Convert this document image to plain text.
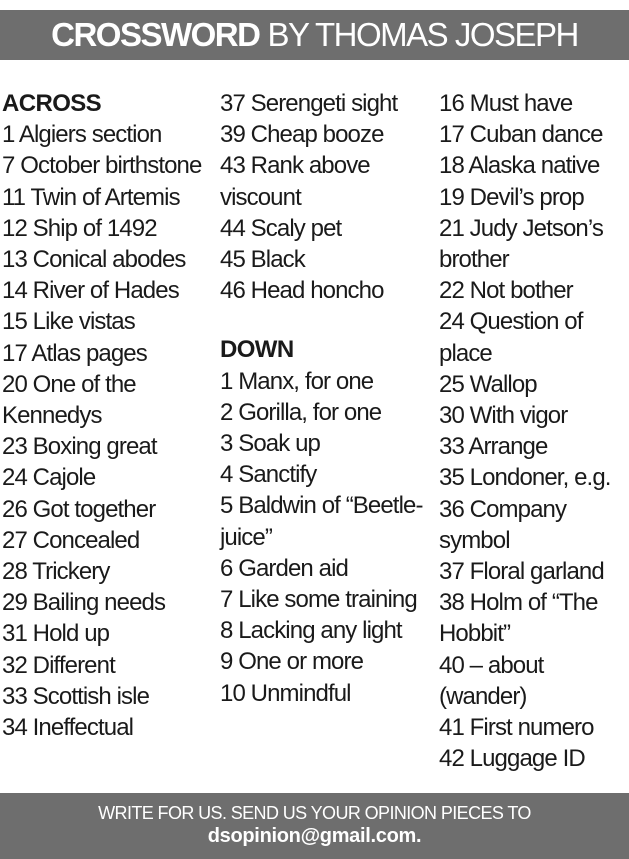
CROSSWORD BY THOMAS JOSEPH
ACROSS
1 Algiers section
7 October birthstone
11 Twin of Artemis
12 Ship of 1492
13 Conical abodes
14 River of Hades
15 Like vistas
17 Atlas pages
20 One of the Kennedys
23 Boxing great
24 Cajole
26 Got together
27 Concealed
28 Trickery
29 Bailing needs
31 Hold up
32 Different
33 Scottish isle
34 Ineffectual
37 Serengeti sight
39 Cheap booze
43 Rank above viscount
44 Scaly pet
45 Black
46 Head honcho
DOWN
1 Manx, for one
2 Gorilla, for one
3 Soak up
4 Sanctify
5 Baldwin of “Beetle-juice”
6 Garden aid
7 Like some training
8 Lacking any light
9 One or more
10 Unmindful
16 Must have
17 Cuban dance
18 Alaska native
19 Devil’s prop
21 Judy Jetson’s brother
22 Not bother
24 Question of place
25 Wallop
30 With vigor
33 Arrange
35 Londoner, e.g.
36 Company symbol
37 Floral garland
38 Holm of “The Hobbit”
40 – about (wander)
41 First numero
42 Luggage ID
WRITE FOR US. SEND US YOUR OPINION PIECES TO
dsopinion@gmail.com.
